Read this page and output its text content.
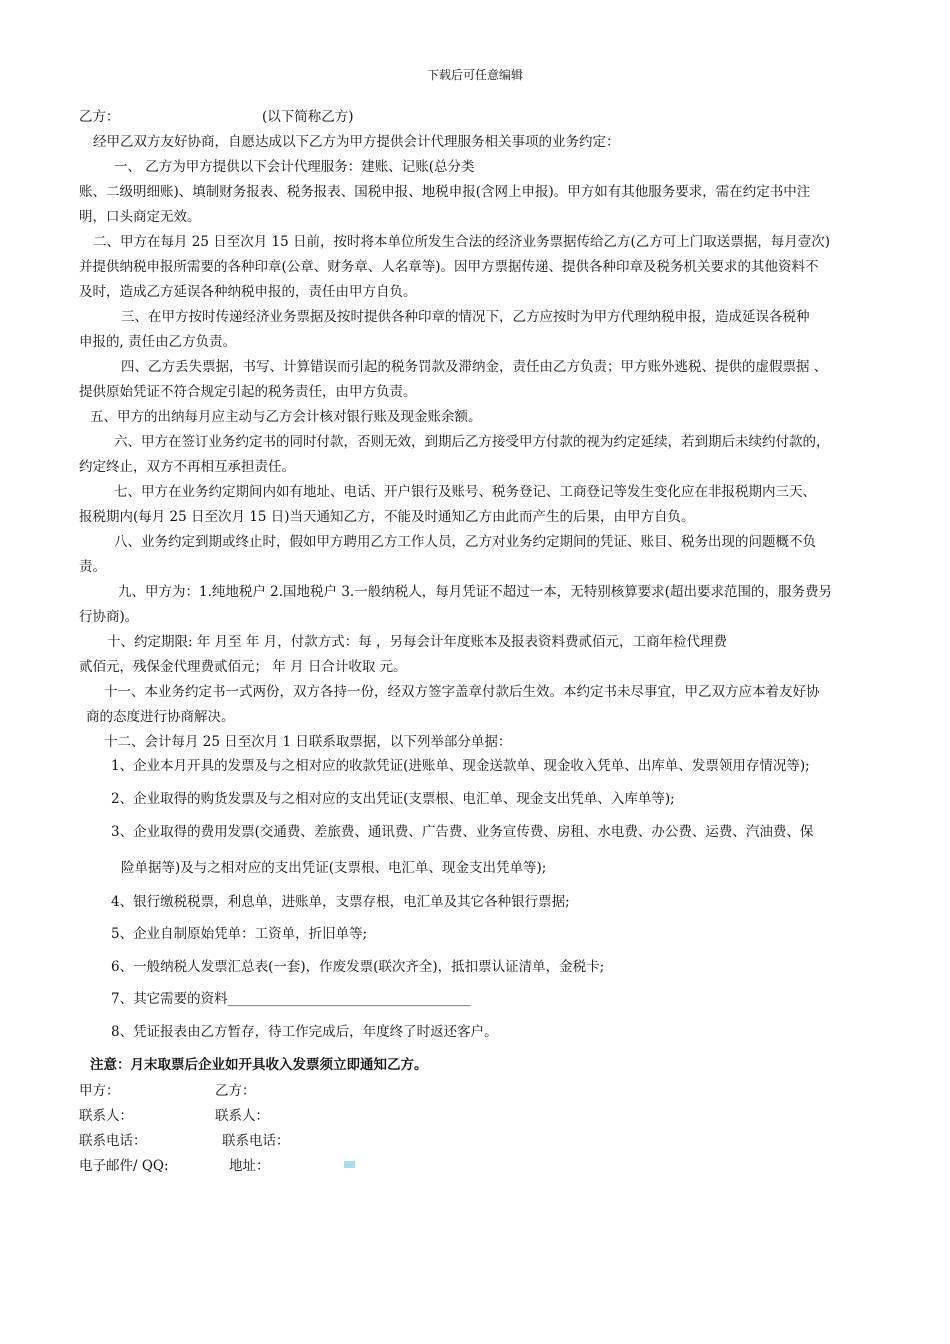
下载后可任意编辑
乙方：	(以下简称乙方)
经甲乙双方友好协商，自愿达成以下乙方为甲方提供会计代理服务相关事项的业务约定：
一、 乙方为甲方提供以下会计代理服务：建账、记账(总分类
账、二级明细账)、填制财务报表、税务报表、国税申报、地税申报(含网上申报)。甲方如有其他服务要求，需在约定书中注
明，口头商定无效。
二、甲方在每月 25 日至次月 15 日前，按时将本单位所发生合法的经济业务票据传给乙方(乙方可上门取送票据，每月壹次)
并提供纳税申报所需要的各种印章(公章、财务章、人名章等)。因甲方票据传递、提供各种印章及税务机关要求的其他资料不
及时，造成乙方延误各种纳税申报的，责任由甲方自负。
三、在甲方按时传递经济业务票据及按时提供各种印章的情况下，乙方应按时为甲方代理纳税申报，造成延误各税种
申报的, 责任由乙方负责。
四、乙方丢失票据，书写、计算错误而引起的税务罚款及滞纳金，责任由乙方负责；甲方账外逃税、提供的虚假票据 、
提供原始凭证不符合规定引起的税务责任，由甲方负责。
五、甲方的出纳每月应主动与乙方会计核对银行账及现金账余额。
六、甲方在签订业务约定书的同时付款，否则无效，到期后乙方接受甲方付款的视为约定延续，若到期后未续约付款的，
约定终止，双方不再相互承担责任。
七、甲方在业务约定期间内如有地址、电话、开户银行及账号、税务登记、工商登记等发生变化应在非报税期内三天、
报税期内(每月 25 日至次月 15 日)当天通知乙方，不能及时通知乙方由此而产生的后果，由甲方自负。
八、业务约定到期或终止时，假如甲方聘用乙方工作人员，乙方对业务约定期间的凭证、账目、税务出现的问题概不负
责。
九、甲方为：1.纯地税户 2.国地税户 3.一般纳税人，每月凭证不超过一本，无特别核算要求(超出要求范围的，服务费另
行协商)。
十、约定期限: 年 月至 年 月，付款方式：每 ，另每会计年度账本及报表资料费贰佰元，工商年检代理费
贰佰元，残保金代理费贰佰元； 年 月 日合计收取 元。
十一、本业务约定书一式两份，双方各持一份，经双方签字盖章付款后生效。本约定书未尽事宜，甲乙双方应本着友好协
商的态度进行协商解决。
十二、会计每月 25 日至次月 1 日联系取票据，以下列举部分单据：
1、企业本月开具的发票及与之相对应的收款凭证(进账单、现金送款单、现金收入凭单、出库单、发票领用存情况等);
2、企业取得的购货发票及与之相对应的支出凭证(支票根、电汇单、现金支出凭单、入库单等);
3、企业取得的费用发票(交通费、差旅费、通讯费、广告费、业务宣传费、房租、水电费、办公费、运费、汽油费、保
险单据等)及与之相对应的支出凭证(支票根、电汇单、现金支出凭单等);
4、银行缴税税票，利息单，进账单，支票存根，电汇单及其它各种银行票据;
5、企业自制原始凭单：工资单，折旧单等;
6、一般纳税人发票汇总表(一套)，作废发票(联次齐全)，抵扣票认证清单，金税卡;
7、其它需要的资料____________________________________
8、凭证报表由乙方暂存，待工作完成后，年度终了时返还客户。
注意：月末取票后企业如开具收入发票须立即通知乙方。
甲方：	乙方：
联系人：	联系人：
联系电话：	联系电话：
电子邮件/ QQ:	地址：
